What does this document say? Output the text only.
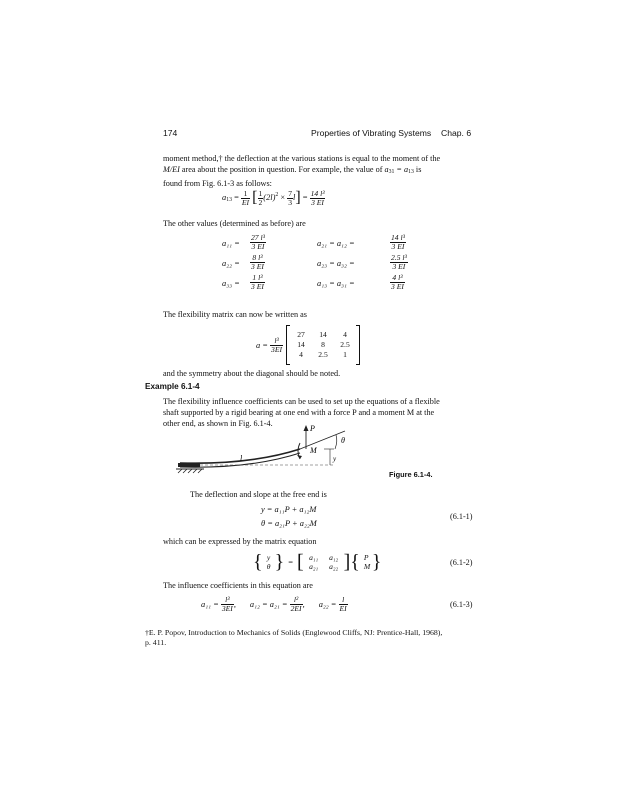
174	Properties of Vibrating Systems Chap. 6
moment method,† the deflection at the various stations is equal to the moment of the
M/EI area about the position in question. For example, the value of a31 = a13 is
found from Fig. 6.1-3 as follows:
$a13 = \frac{1}{EI}$ [ $\frac{1}{2} (2l)^2 \times \frac{7}{3} l] = \frac{\text{14 l³}}{3 EI}$
The other values (determined as before) are
$a_{11} = \frac{\text{27 l³}}{3 EI}$	a₂₁ = a₁₂ =	$\frac{\text{14 l³}}{3 EI}$
$a_{22} = \frac{\text{8 l³}}{3 EI}$	a₂₃ = a₃₂ =	$\frac{\text{2.5 l³}}{3 EI}$
$a_{33} = \frac{\text{1 l³}}{3 EI}$	a₁₃ = a₃₁ =	$\frac{\text{4 l³}}{3 EI}$
The flexibility matrix can now be written as
a =
$\frac{\text{l³}}{3EI}$
27	14	4
14	8	2.5
4	2.5	1
and the symmetry about the diagonal should be noted.
Example 6.1-4
The flexibility influence coefficients can be used to set up the equations of a flexible
shaft supported by a rigid bearing at one end with a force P and a moment M at the
other end, as shown in Fig. 6.1-4.
P
θ
M
l	y
Figure 6.1-4.
The deflection and slope at the free end is
y = a₁₁P + a₁₂M
θ = a₂₁P + a₂₂M
(6.1-1)
which can be expressed by the matrix equation
{ y
θ } = [ a₁₁	a₁₂
a₂₁	a₂₂ ] { P
M }	(6.1-2)
The influence coefficients in this equation are
a₁₁ =
$\frac{\text{l³}}{3EI}$ , a₁₂ = a₂₁ =
$\frac{\text{l²}}{2EI}$ , a₂₂ =
$\frac{l}{EI}$	(6.1-3)
†E. P. Popov, Introduction to Mechanics of Solids (Englewood Cliffs, NJ: Prentice-Hall, 1968),
p. 411.
